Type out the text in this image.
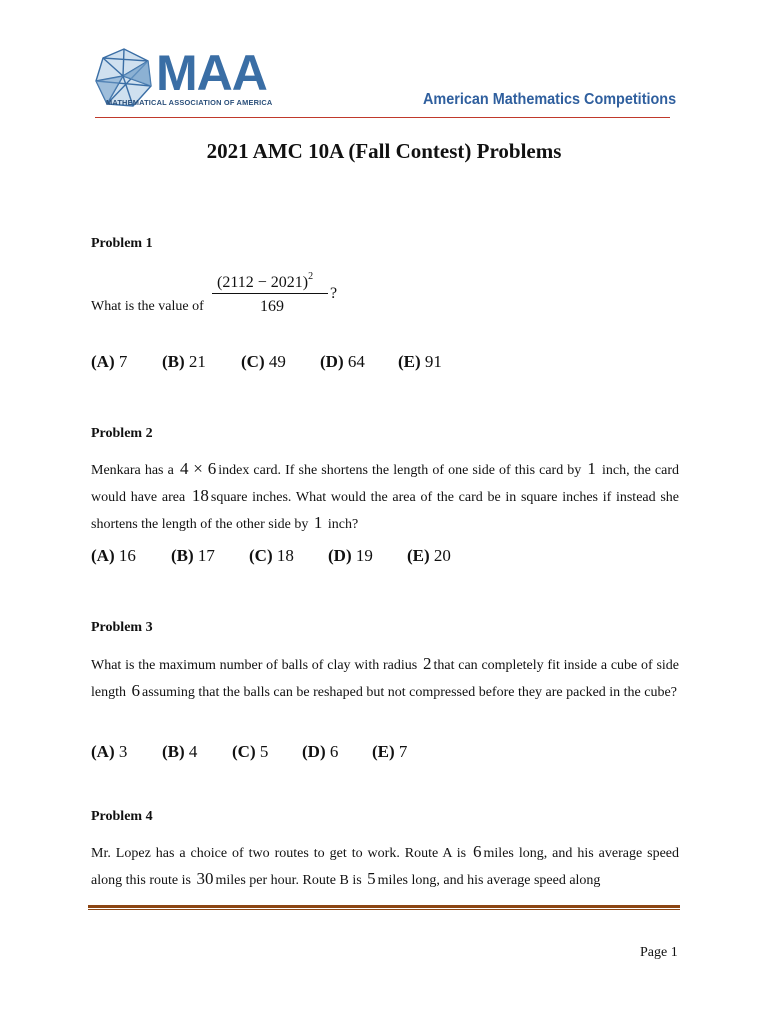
MAA
MATHEMATICAL ASSOCIATION OF AMERICA	American Mathematics Competitions
2021 AMC 10A (Fall Contest) Problems
Problem 1
$(2112 - 2021)^2$
169
?
What is the value of
(A) 7 (B) 21 (C) 49 (D) 64 (E) 91
Problem 2
Menkara has a 4 × 6 index card. If she shortens the length of one side of this card by 1 inch, the card would have area 18 square inches. What would the area of the card be in square inches if instead she shortens the length of the other side by 1 inch?
(A) 16 (B) 17 (C) 18 (D) 19 (E) 20
Problem 3
What is the maximum number of balls of clay with radius 2 that can completely fit inside a cube of side length 6 assuming that the balls can be reshaped but not compressed before they are packed in the cube?
(A) 3 (B) 4 (C) 5 (D) 6 (E) 7
Problem 4
Mr. Lopez has a choice of two routes to get to work. Route A is 6 miles long, and his average speed along this route is 30 miles per hour. Route B is 5 miles long, and his average speed along
Page 1
